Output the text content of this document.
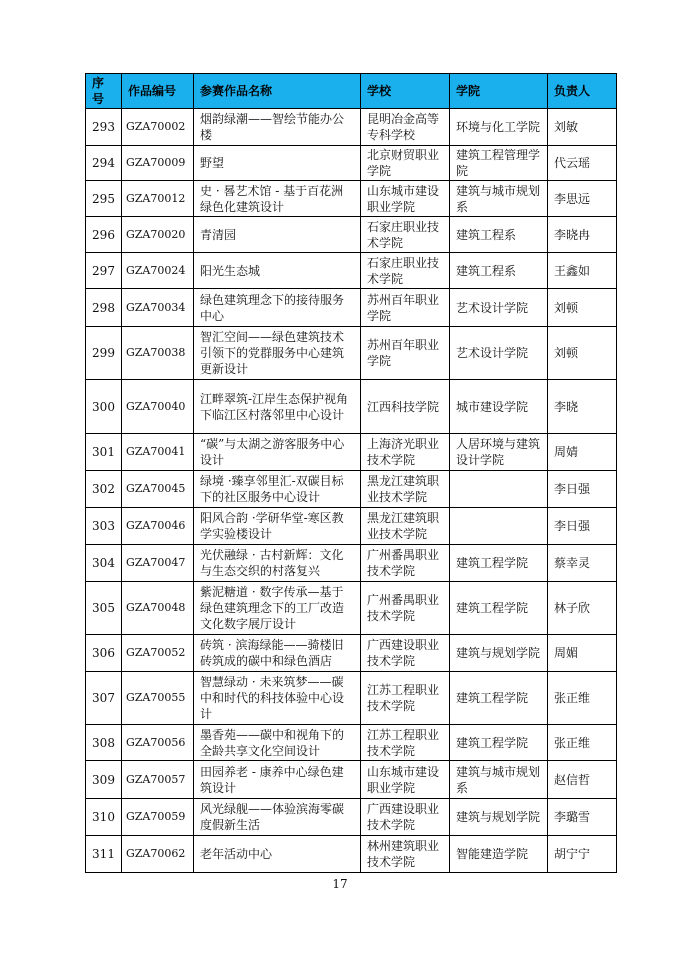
序号	作品编号	参赛作品名称	学校	学院	负责人
293	GZA70002	烟韵绿潮——智绘节能办公楼	昆明冶金高等专科学校	环境与化工学院	刘敏
294	GZA70009	野望	北京财贸职业学院	建筑工程管理学院	代云瑶
295	GZA70012	史 · 晷艺术馆 - 基于百花洲绿色化建筑设计	山东城市建设职业学院	建筑与城市规划系	李思远
296	GZA70020	青清园	石家庄职业技术学院	建筑工程系	李晓冉
297	GZA70024	阳光生态城	石家庄职业技术学院	建筑工程系	王鑫如
298	GZA70034	绿色建筑理念下的接待服务中心	苏州百年职业学院	艺术设计学院	刘顿
299	GZA70038	智汇空间——绿色建筑技术引领下的党群服务中心建筑更新设计	苏州百年职业学院	艺术设计学院	刘顿
300	GZA70040	江畔翠筑-江岸生态保护视角下临江区村落邻里中心设计	江西科技学院	城市建设学院	李晓
301	GZA70041	“碳”与太湖之游客服务中心设计	上海济光职业技术学院	人居环境与建筑设计学院	周婧
302	GZA70045	绿境 ·臻享邻里汇-双碳目标下的社区服务中心设计	黑龙江建筑职业技术学院		李日强
303	GZA70046	阳风合韵 ·学研华堂-寒区教学实验楼设计	黑龙江建筑职业技术学院		李日强
304	GZA70047	光伏融绿 · 古村新辉：文化与生态交织的村落复兴	广州番禺职业技术学院	建筑工程学院	蔡幸灵
305	GZA70048	紫泥糖道 · 数字传承—基于绿色建筑理念下的工厂改造文化数字展厅设计	广州番禺职业技术学院	建筑工程学院	林子欣
306	GZA70052	砖筑 · 滨海绿能——骑楼旧砖筑成的碳中和绿色酒店	广西建设职业技术学院	建筑与规划学院	周媚
307	GZA70055	智慧绿动 · 未来筑梦——碳中和时代的科技体验中心设计	江苏工程职业技术学院	建筑工程学院	张正维
308	GZA70056	墨香苑——碳中和视角下的全龄共享文化空间设计	江苏工程职业技术学院	建筑工程学院	张正维
309	GZA70057	田园养老 - 康养中心绿色建筑设计	山东城市建设职业学院	建筑与城市规划系	赵信哲
310	GZA70059	风光绿舰——体验滨海零碳度假新生活	广西建设职业技术学院	建筑与规划学院	李璐雪
311	GZA70062	老年活动中心	林州建筑职业技术学院	智能建造学院	胡宁宁
17
